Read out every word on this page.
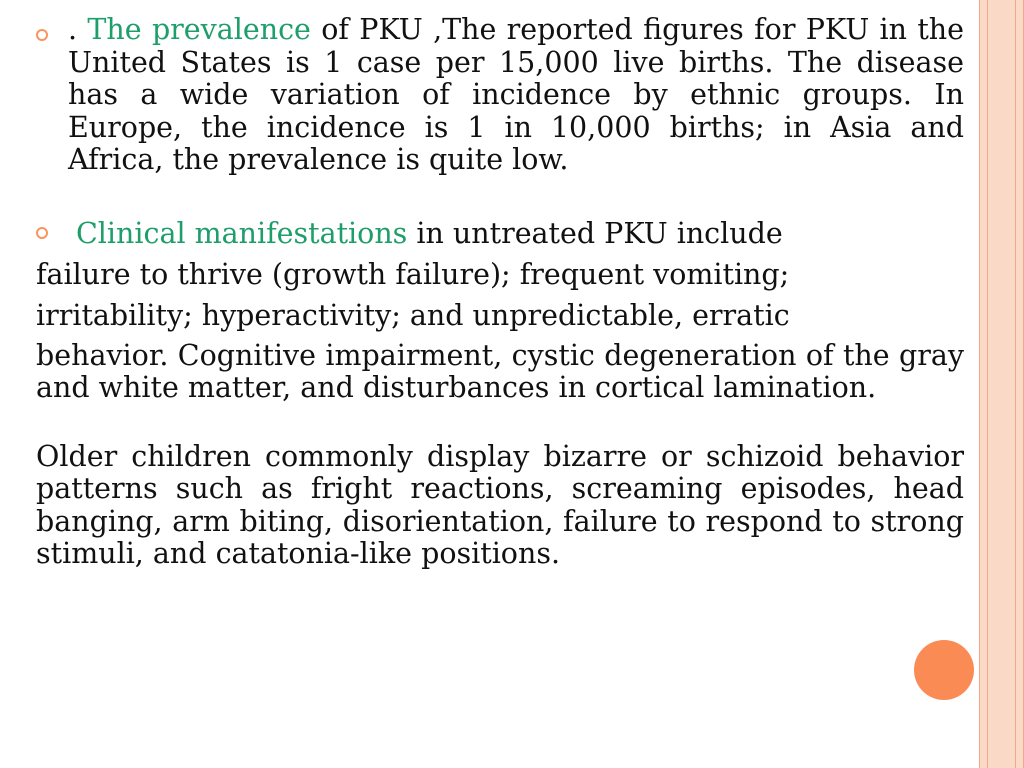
. The prevalence of PKU ,The reported figures for PKU in the United States is 1 case per 15,000 live births. The disease has a wide variation of incidence by ethnic groups. In Europe, the incidence is 1 in 10,000 births; in Asia and Africa, the prevalence is quite low.

Clinical manifestations in untreated PKU include
failure to thrive (growth failure); frequent vomiting;
irritability; hyperactivity; and unpredictable, erratic

behavior. Cognitive impairment, cystic degeneration of the gray and white matter, and disturbances in cortical lamination.

Older children commonly display bizarre or schizoid behavior patterns such as fright reactions, screaming episodes, head banging, arm biting, disorientation, failure to respond to strong stimuli, and catatonia-like positions.
